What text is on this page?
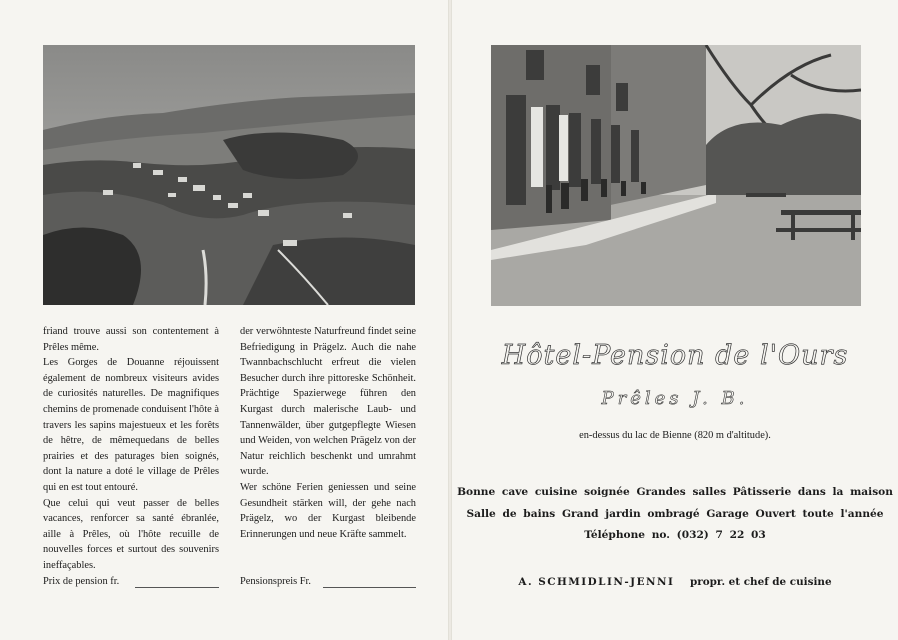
friand trouve aussi son contentement à Prêles même.

Les Gorges de Douanne réjouissent également de nombreux visiteurs avides de curiosités naturelles. De magnifiques chemins de promenade conduisent l'hôte à travers les sapins majestueux et les forêts de hêtre, de mêmequedans de belles prairies et des paturages bien soignés, dont la nature a doté le village de Prêles qui en est tout entouré.

Que celui qui veut passer de belles vacances, renforcer sa santé ébranlée, aille à Prêles, où l'hôte recuille de nouvelles forces et surtout des souvenirs ineffaçables.

der verwöhnteste Naturfreund findet seine Befriedigung in Prägelz. Auch die nahe Twannbachschlucht erfreut die vielen Besucher durch ihre pittoreske Schönheit. Prächtige Spazierwege führen den Kurgast durch malerische Laub- und Tannenwälder, über gutgepflegte Wiesen und Weiden, von welchen Prägelz von der Natur reichlich beschenkt und umrahmt wurde.

Wer schöne Ferien geniessen und seine Gesundheit stärken will, der gehe nach Prägelz, wo der Kurgast bleibende Erinnerungen und neue Kräfte sammelt.

Prix de pension fr.	Pensionspreis Fr.
Hôtel-Pension de l'Ours
Prêles J. B.
en-dessus du lac de Bienne (820 m d'altitude).
Bonne cave cuisine soignée Grandes salles Pâtisserie dans la maison
Salle de bains Grand jardin ombragé Garage Ouvert toute l'année
Téléphone no. (032) 7 22 03
A. SCHMIDLIN-JENNI propr. et chef de cuisine
